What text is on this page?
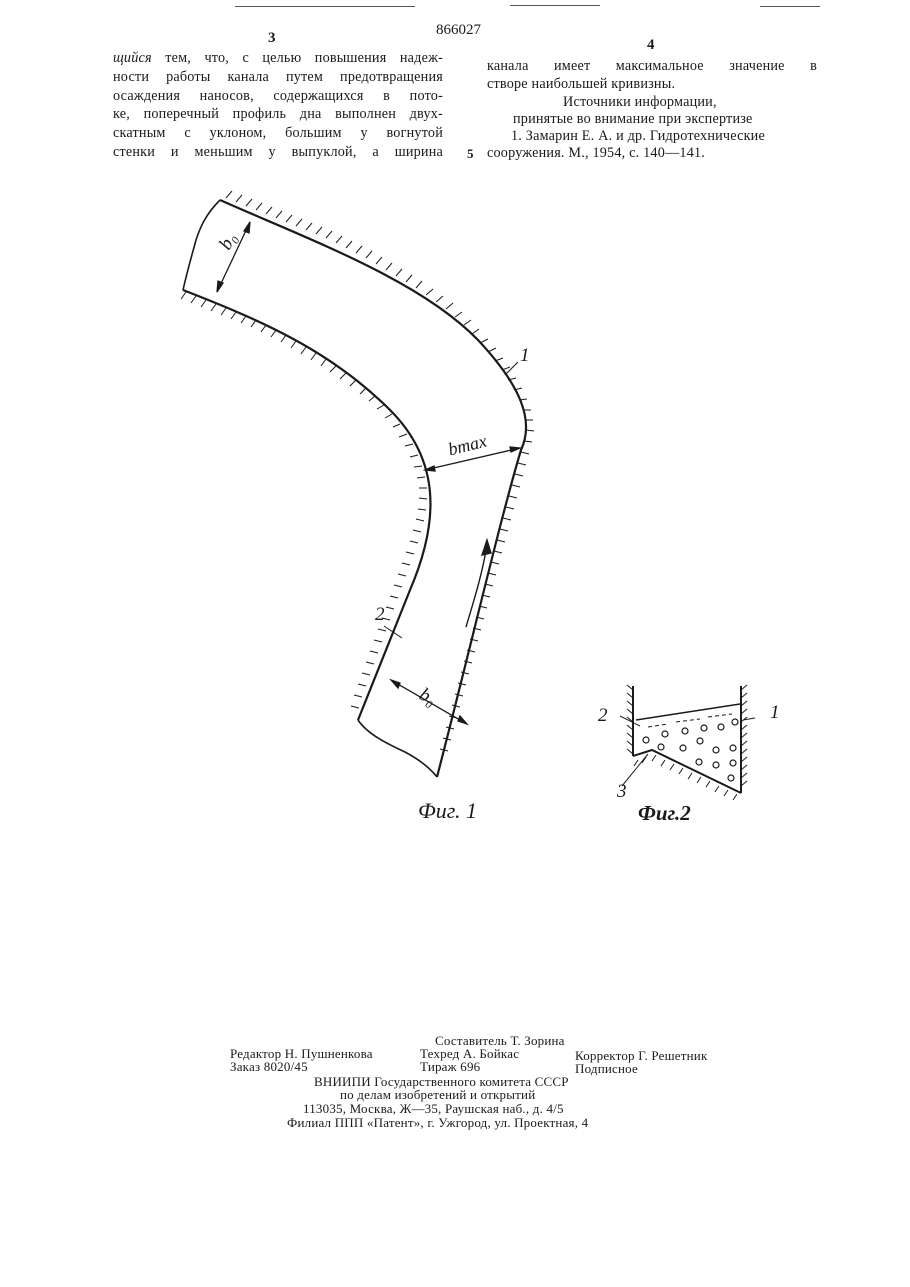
866027
3	4
щийся тем, что, с целью повышения надеж-
ности работы канала путем предотвращения
осаждения наносов, содержащихся в пото-
ке, поперечный профиль дна выполнен двух-
скатным с уклоном, большим у вогнутой
стенки и меньшим у выпуклой, а ширина
канала имеет максимальное значение в
створе наибольшей кривизны.
Источники информации,
принятые во внимание при экспертизе
1. Замарин Е. А. и др. Гидротехнические
сооружения. М., 1954, с. 140—141.
5
1
2
b₀
bmax
b₀
Фиг. 1
2	1
3
Фиг.2
Составитель Т. Зорина
Редактор Н. Пушненкова	Техред А. Бойкас	Корректор Г. Решетник
Заказ 8020/45	Тираж 696	Подписное
ВНИИПИ Государственного комитета СССР
по делам изобретений и открытий
113035, Москва, Ж—35, Раушская наб., д. 4/5
Филиал ППП «Патент», г. Ужгород, ул. Проектная, 4
